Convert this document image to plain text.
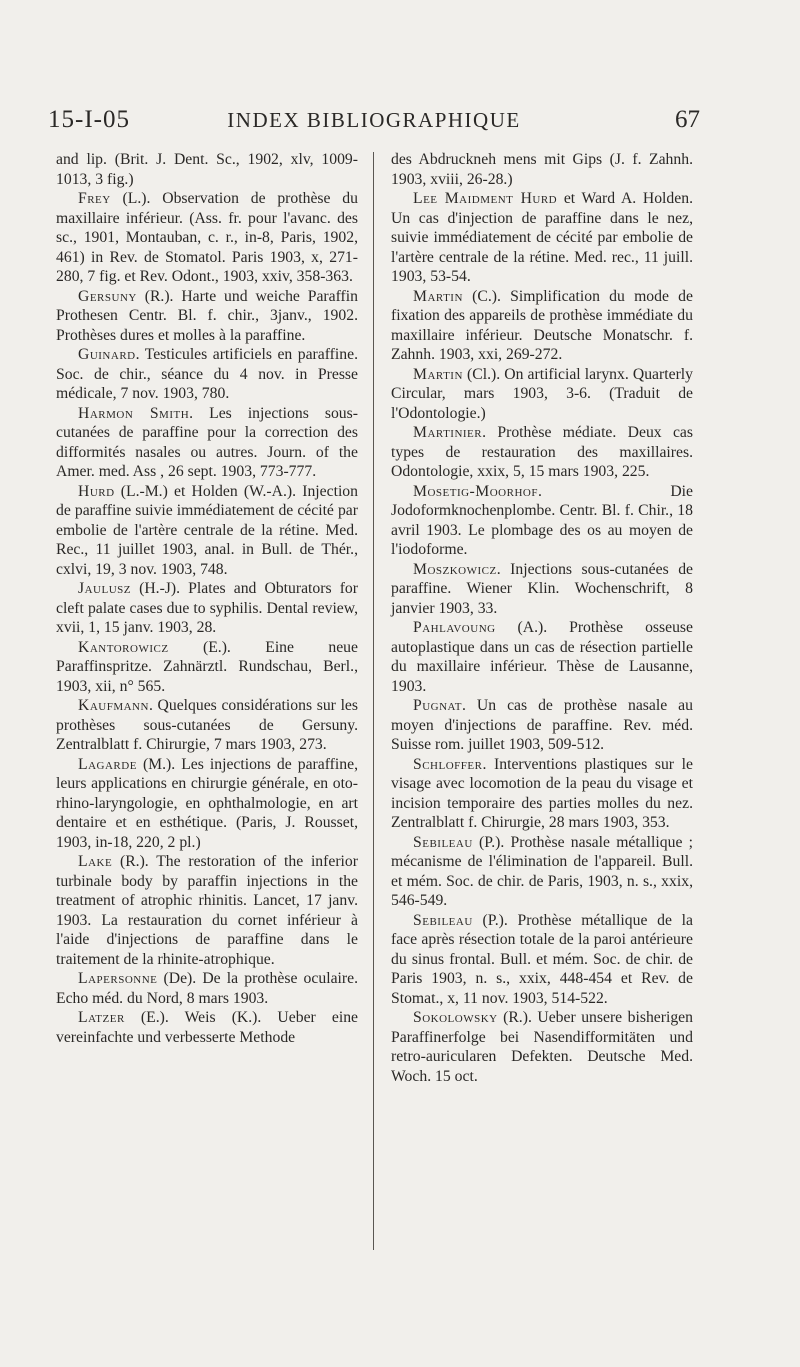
15-I-05	INDEX BIBLIOGRAPHIQUE	67
and lip. (Brit. J. Dent. Sc., 1902, xlv, 1009-1013, 3 fig.)
Frey (L.). Observation de prothèse du maxillaire inférieur. (Ass. fr. pour l'avanc. des sc., 1901, Montauban, c. r., in-8, Paris, 1902, 461) in Rev. de Stomatol. Paris 1903, x, 271-280, 7 fig. et Rev. Odont., 1903, xxiv, 358-363.
Gersuny (R.). Harte und weiche Paraffin Prothesen Centr. Bl. f. chir., 3janv., 1902. Prothèses dures et molles à la paraffine.
Guinard. Testicules artificiels en paraffine. Soc. de chir., séance du 4 nov. in Presse médicale, 7 nov. 1903, 780.
Harmon Smith. Les injections sous-cutanées de paraffine pour la correction des difformités nasales ou autres. Journ. of the Amer. med. Ass , 26 sept. 1903, 773-777.
Hurd (L.-M.) et Holden (W.-A.). Injection de paraffine suivie immédiatement de cécité par embolie de l'artère centrale de la rétine. Med. Rec., 11 juillet 1903, anal. in Bull. de Thér., cxlvi, 19, 3 nov. 1903, 748.
Jaulusz (H.-J). Plates and Obturators for cleft palate cases due to syphilis. Dental review, xvii, 1, 15 janv. 1903, 28.
Kantorowicz (E.). Eine neue Paraffinspritze. Zahnärztl. Rundschau, Berl., 1903, xii, n° 565.
Kaufmann. Quelques considérations sur les prothèses sous-cutanées de Gersuny. Zentralblatt f. Chirurgie, 7 mars 1903, 273.
Lagarde (M.). Les injections de paraffine, leurs applications en chirurgie générale, en oto-rhino-laryngologie, en ophthalmologie, en art dentaire et en esthétique. (Paris, J. Rousset, 1903, in-18, 220, 2 pl.)
Lake (R.). The restoration of the inferior turbinale body by paraffin injections in the treatment of atrophic rhinitis. Lancet, 17 janv. 1903. La restauration du cornet inférieur à l'aide d'injections de paraffine dans le traitement de la rhinite-atrophique.
Lapersonne (De). De la prothèse oculaire. Echo méd. du Nord, 8 mars 1903.
Latzer (E.). Weis (K.). Ueber eine vereinfachte und verbesserte Methode
des Abdruckneh mens mit Gips (J. f. Zahnh. 1903, xviii, 26-28.)
Lee Maidment Hurd et Ward A. Holden. Un cas d'injection de paraffine dans le nez, suivie immédiatement de cécité par embolie de l'artère centrale de la rétine. Med. rec., 11 juill. 1903, 53-54.
Martin (C.). Simplification du mode de fixation des appareils de prothèse immédiate du maxillaire inférieur. Deutsche Monatschr. f. Zahnh. 1903, xxi, 269-272.
Martin (Cl.). On artificial larynx. Quarterly Circular, mars 1903, 3-6. (Traduit de l'Odontologie.)
Martinier. Prothèse médiate. Deux cas types de restauration des maxillaires. Odontologie, xxix, 5, 15 mars 1903, 225.
Mosetig-Moorhof. Die Jodoformknochenplombe. Centr. Bl. f. Chir., 18 avril 1903. Le plombage des os au moyen de l'iodoforme.
Moszkowicz. Injections sous-cutanées de paraffine. Wiener Klin. Wochenschrift, 8 janvier 1903, 33.
Pahlavoung (A.). Prothèse osseuse autoplastique dans un cas de résection partielle du maxillaire inférieur. Thèse de Lausanne, 1903.
Pugnat. Un cas de prothèse nasale au moyen d'injections de paraffine. Rev. méd. Suisse rom. juillet 1903, 509-512.
Schloffer. Interventions plastiques sur le visage avec locomotion de la peau du visage et incision temporaire des parties molles du nez. Zentralblatt f. Chirurgie, 28 mars 1903, 353.
Sebileau (P.). Prothèse nasale métallique ; mécanisme de l'élimination de l'appareil. Bull. et mém. Soc. de chir. de Paris, 1903, n. s., xxix, 546-549.
Sebileau (P.). Prothèse métallique de la face après résection totale de la paroi antérieure du sinus frontal. Bull. et mém. Soc. de chir. de Paris 1903, n. s., xxix, 448-454 et Rev. de Stomat., x, 11 nov. 1903, 514-522.
Sokolowsky (R.). Ueber unsere bisherigen Paraffinerfolge bei Nasendifformitäten und retro-auricularen Defekten. Deutsche Med. Woch. 15 oct.
